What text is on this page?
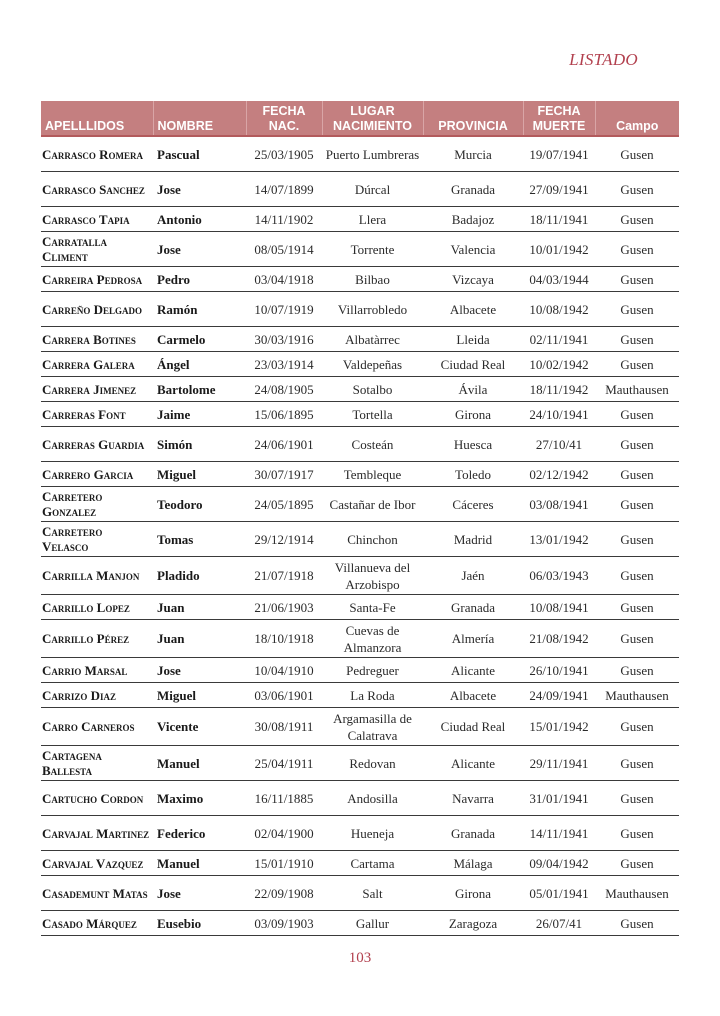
LISTADO
APELLLIDOS	NOMBRE	FECHA NAC.	LUGAR NACIMIENTO	PROVINCIA	FECHA MUERTE	Campo
Carrasco Romera	Pascual	25/03/1905	Puerto Lumbreras	Murcia	19/07/1941	Gusen
Carrasco Sanchez	Jose	14/07/1899	Dúrcal	Granada	27/09/1941	Gusen
Carrasco Tapia	Antonio	14/11/1902	Llera	Badajoz	18/11/1941	Gusen
Carratalla Climent	Jose	08/05/1914	Torrente	Valencia	10/01/1942	Gusen
Carreira Pedrosa	Pedro	03/04/1918	Bilbao	Vizcaya	04/03/1944	Gusen
Carreño Delgado	Ramón	10/07/1919	Villarrobledo	Albacete	10/08/1942	Gusen
Carrera Botines	Carmelo	30/03/1916	Albatàrrec	Lleida	02/11/1941	Gusen
Carrera Galera	Ángel	23/03/1914	Valdepeñas	Ciudad Real	10/02/1942	Gusen
Carrera Jimenez	Bartolome	24/08/1905	Sotalbo	Ávila	18/11/1942	Mauthausen
Carreras Font	Jaime	15/06/1895	Tortella	Girona	24/10/1941	Gusen
Carreras Guardia	Simón	24/06/1901	Costeán	Huesca	27/10/41	Gusen
Carrero Garcia	Miguel	30/07/1917	Tembleque	Toledo	02/12/1942	Gusen
Carretero Gonzalez	Teodoro	24/05/1895	Castañar de Ibor	Cáceres	03/08/1941	Gusen
Carretero Velasco	Tomas	29/12/1914	Chinchon	Madrid	13/01/1942	Gusen
Carrilla Manjon	Pladido	21/07/1918	Villanueva del Arzobispo	Jaén	06/03/1943	Gusen
Carrillo Lopez	Juan	21/06/1903	Santa-Fe	Granada	10/08/1941	Gusen
Carrillo Pérez	Juan	18/10/1918	Cuevas de Almanzora	Almería	21/08/1942	Gusen
Carrio Marsal	Jose	10/04/1910	Pedreguer	Alicante	26/10/1941	Gusen
Carrizo Diaz	Miguel	03/06/1901	La Roda	Albacete	24/09/1941	Mauthausen
Carro Carneros	Vicente	30/08/1911	Argamasilla de Calatrava	Ciudad Real	15/01/1942	Gusen
Cartagena Ballesta	Manuel	25/04/1911	Redovan	Alicante	29/11/1941	Gusen
Cartucho Cordon	Maximo	16/11/1885	Andosilla	Navarra	31/01/1941	Gusen
Carvajal Martinez	Federico	02/04/1900	Hueneja	Granada	14/11/1941	Gusen
Carvajal Vazquez	Manuel	15/01/1910	Cartama	Málaga	09/04/1942	Gusen
Casademunt Matas	Jose	22/09/1908	Salt	Girona	05/01/1941	Mauthausen
Casado Márquez	Eusebio	03/09/1903	Gallur	Zaragoza	26/07/41	Gusen
103
